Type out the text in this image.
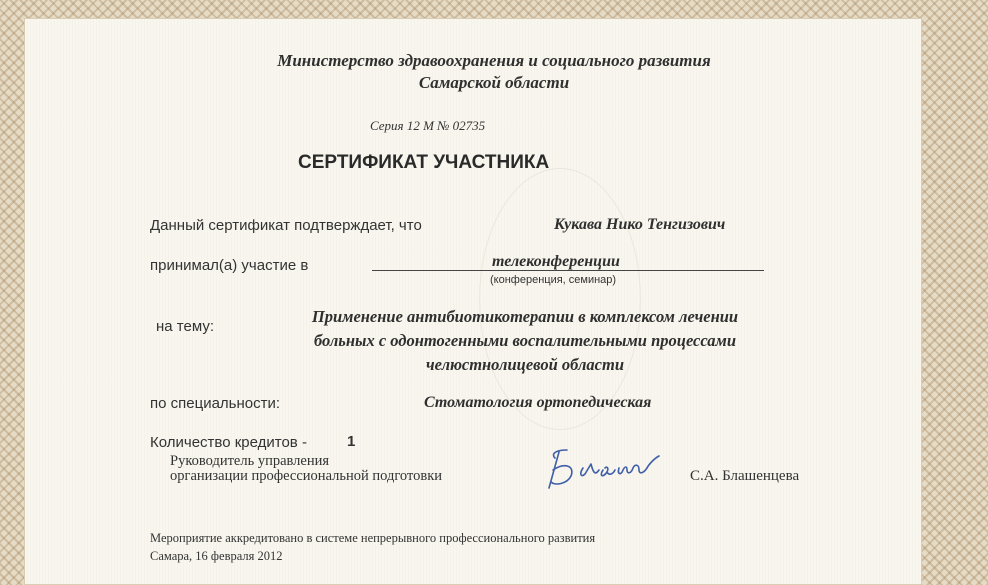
Министерство здравоохранения и социального развития
Самарской области
Серия 12 М № 02735
СЕРТИФИКАТ УЧАСТНИКА
Данный сертификат подтверждает, что	Кукава Нико Тенгизович
принимал(а) участие в	телеконференции
(конференция, семинар)
на тему:
Применение антибиотикотерапии в комплексом лечении
больных с одонтогенными воспалительными процессами
челюстнолицевой области
по специальности:	Стоматология ортопедическая
Количество кредитов -	1
Руководитель управления
организации профессиональной подготовки	С.А. Блашенцева
Мероприятие аккредитовано в системе непрерывного профессионального развития
Самара, 16 февраля 2012
